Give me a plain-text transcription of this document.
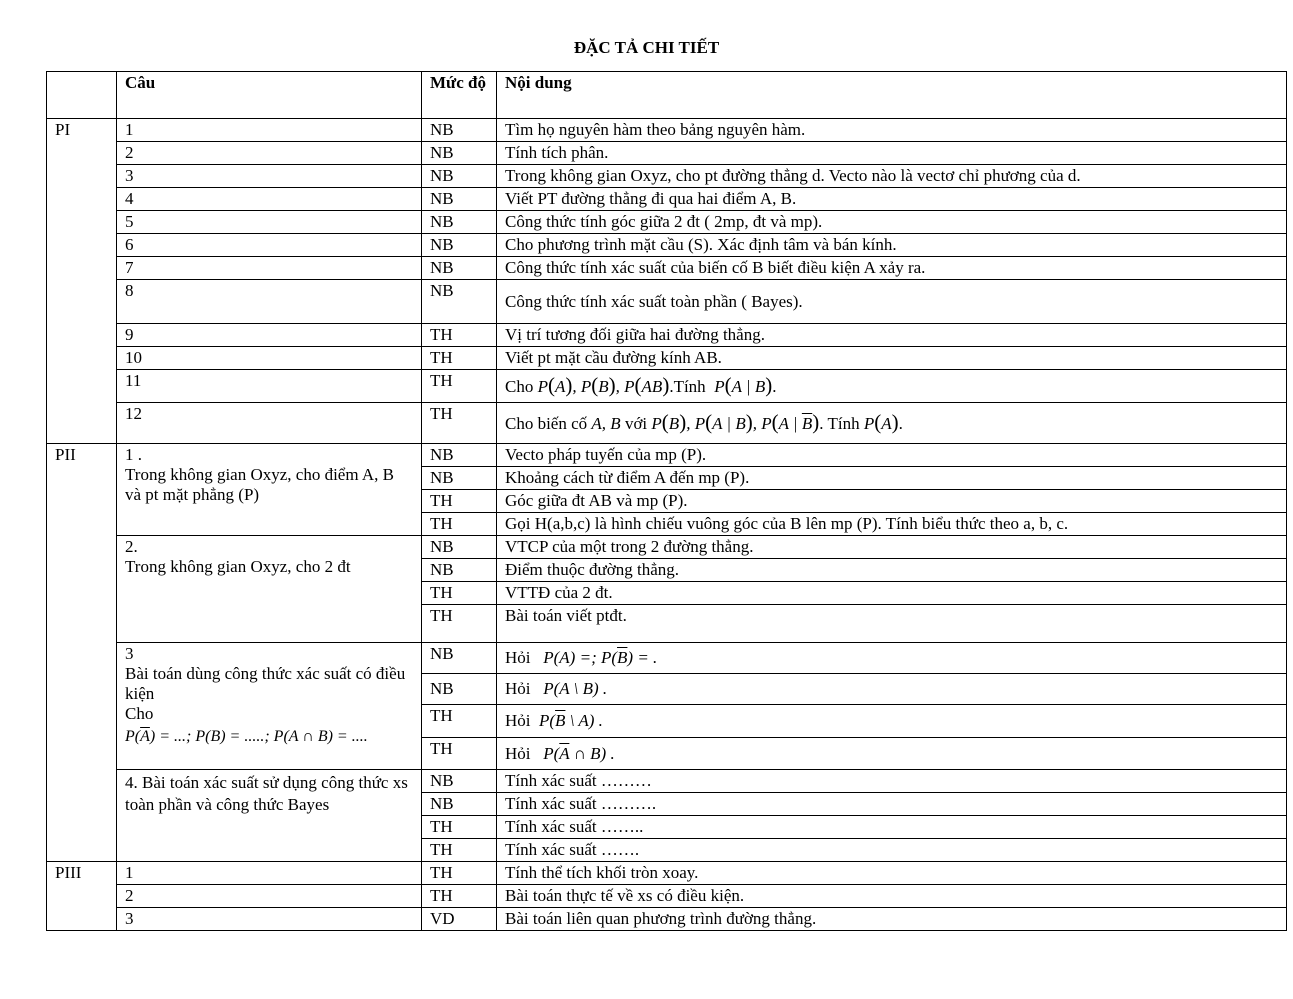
ĐẶC TẢ CHI TIẾT
	Câu	Mức độ	Nội dung
PI	1	NB	Tìm họ nguyên hàm theo bảng nguyên hàm.
	2	NB	Tính tích phân.
	3	NB	Trong không gian Oxyz, cho pt đường thẳng d. Vecto nào là vectơ chỉ phương của d.
	4	NB	Viết PT đường thẳng đi qua hai điểm A, B.
	5	NB	Công thức tính góc giữa 2 đt ( 2mp, đt và mp).
	6	NB	Cho phương trình mặt cầu (S). Xác định tâm và bán kính.
	7	NB	Công thức tính xác suất của biến cố B biết điều kiện A xảy ra.
	8	NB	Công thức tính xác suất toàn phần ( Bayes).
	9	TH	Vị trí tương đối giữa hai đường thẳng.
	10	TH	Viết pt mặt cầu đường kính AB.
	11	TH	Cho P(A), P(B), P(AB).Tính P(A | B).
	12	TH	Cho biến cố A, B với P(B), P(A | B), P(A | $\overline{B}$). Tính P(A).
PII	1 .
Trong không gian Oxyz, cho điểm A, B và pt mặt phẳng (P)	NB	Vecto pháp tuyến của mp (P).
		NB	Khoảng cách từ điểm A đến mp (P).
		TH	Góc giữa đt AB và mp (P).
		TH	Gọi H(a,b,c) là hình chiếu vuông góc của B lên mp (P). Tính biểu thức theo a, b, c.

	2.
Trong không gian Oxyz, cho 2 đt	NB	VTCP của một trong 2 đường thẳng.
		NB	Điểm thuộc đường thẳng.
		TH	VTTĐ của 2 đt.
		TH	Bài toán viết ptđt.

	3
Bài toán dùng công thức xác suất có điều kiện
Cho
$P(\overline{A})$ = ...; P(B) = .....; P(A ∩ B) = ....	NB	Hỏi P(A) =; $P(\overline{B})$ = .
		NB	Hỏi P(A \ B) .
		TH	Hỏi $P(\overline{B}$ \ A) .
		TH	Hỏi $P(\overline{A}$ ∩ B) .

	4. Bài toán xác suất sử dụng công thức xs toàn phần và công thức Bayes	NB	Tính xác suất ………
		NB	Tính xác suất ……….
		TH	Tính xác suất ……..
		TH	Tính xác suất …….
PIII	1	TH	Tính thể tích khối tròn xoay.
	2	TH	Bài toán thực tế về xs có điều kiện.
	3	VD	Bài toán liên quan phương trình đường thẳng.
